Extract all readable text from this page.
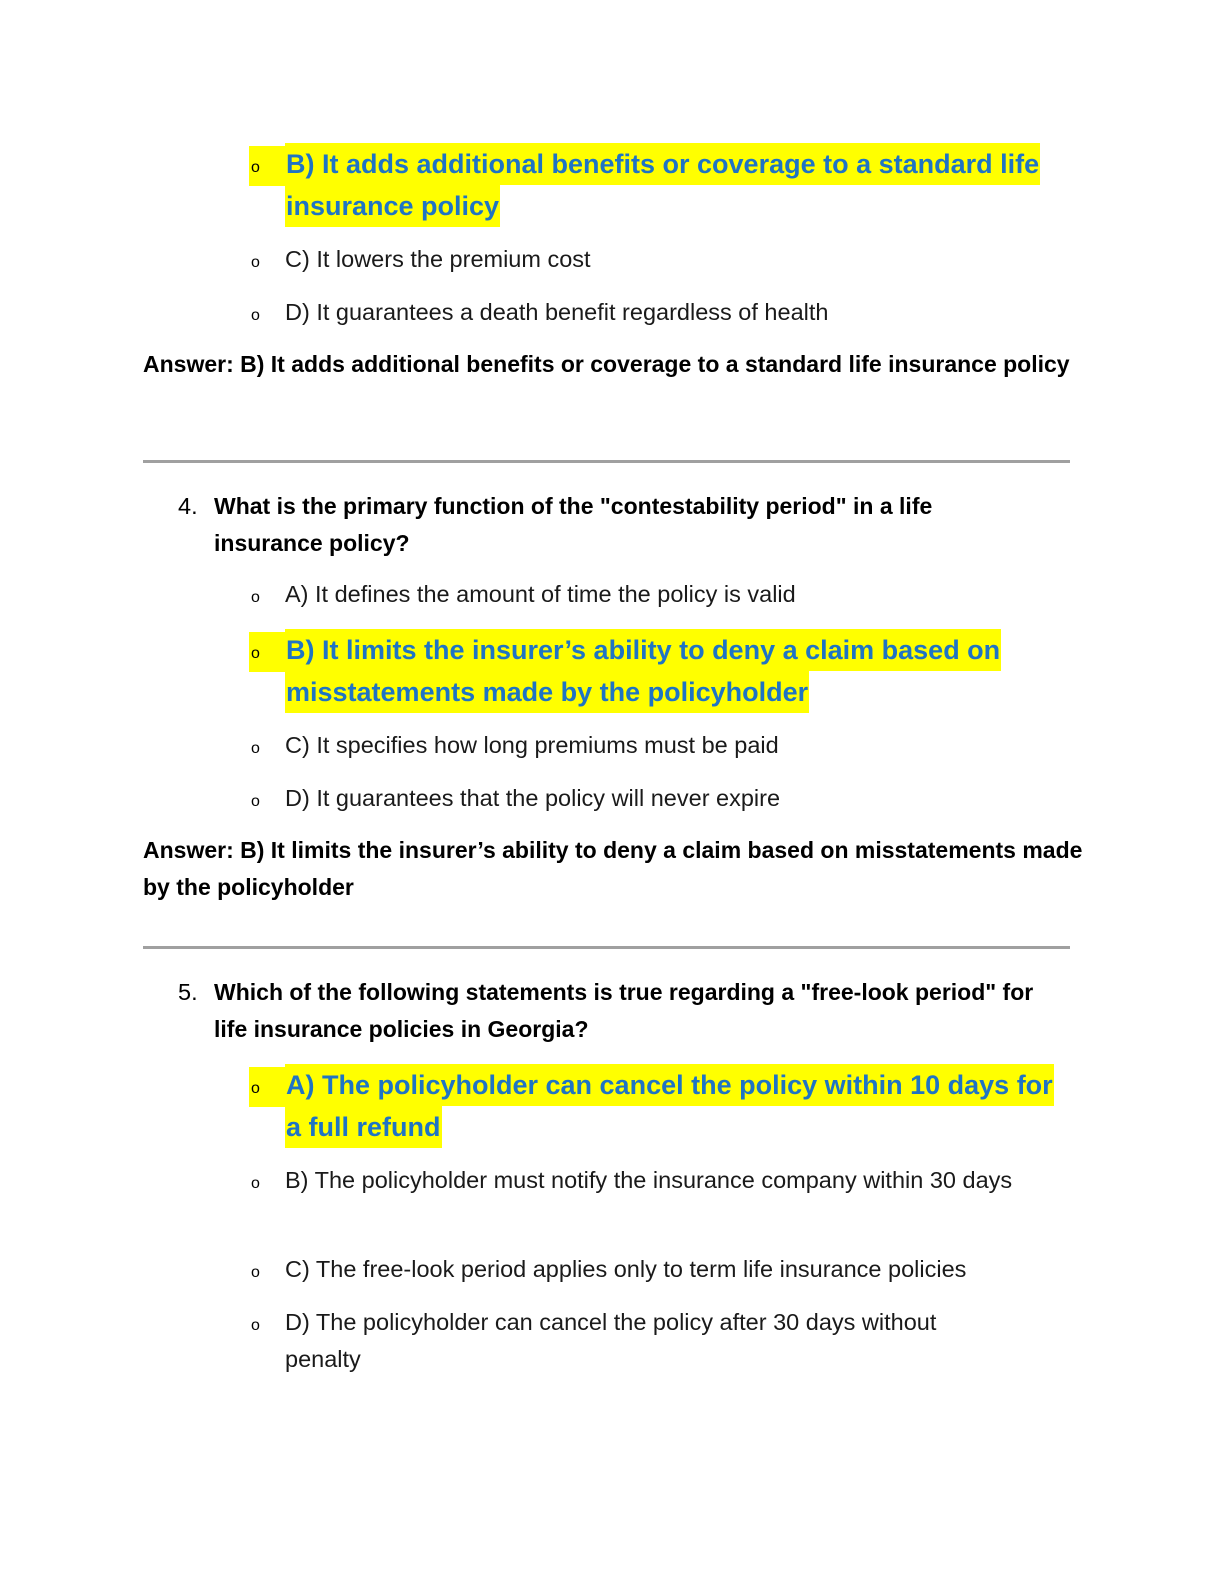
o B) It adds additional benefits or coverage to a standard life
insurance policy
o C) It lowers the premium cost
o D) It guarantees a death benefit regardless of health
Answer: B) It adds additional benefits or coverage to a standard life insurance policy
4. What is the primary function of the "contestability period" in a life insurance policy?
o A) It defines the amount of time the policy is valid
o B) It limits the insurer’s ability to deny a claim based on
misstatements made by the policyholder
o C) It specifies how long premiums must be paid
o D) It guarantees that the policy will never expire
Answer: B) It limits the insurer’s ability to deny a claim based on misstatements made by the policyholder
5. Which of the following statements is true regarding a "free-look period" for life insurance policies in Georgia?
o A) The policyholder can cancel the policy within 10 days for
a full refund
o B) The policyholder must notify the insurance company within 30 days
o C) The free-look period applies only to term life insurance policies
o D) The policyholder can cancel the policy after 30 days without penalty
